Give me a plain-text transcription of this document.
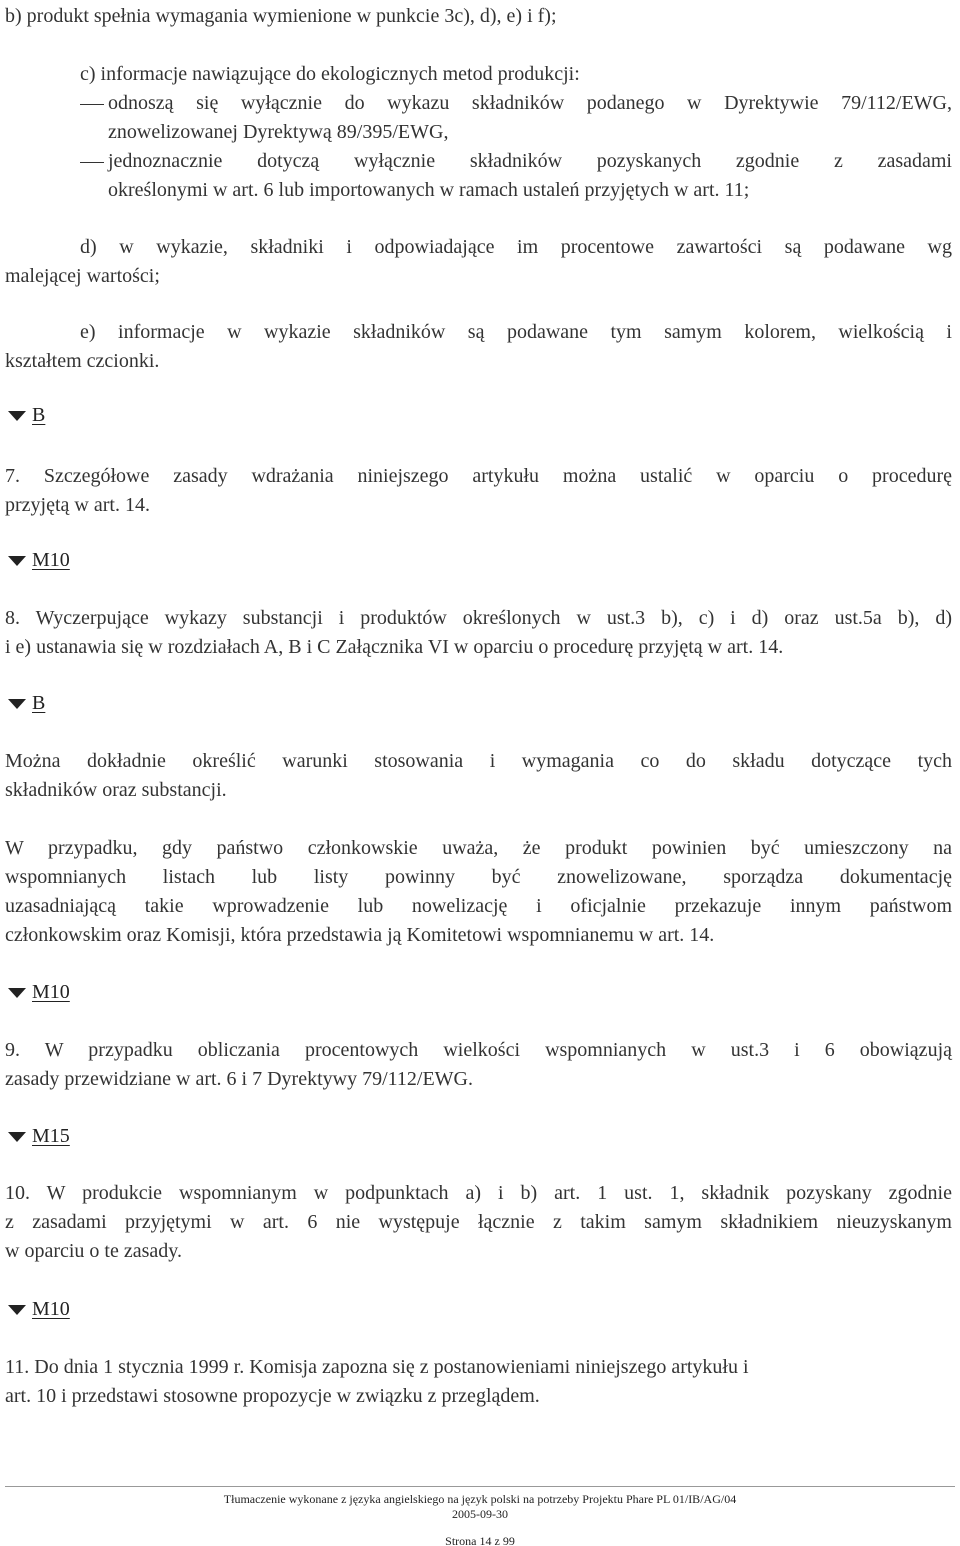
b) produkt spełnia wymagania wymienione w punkcie 3c), d), e) i f);
c) informacje nawiązujące do ekologicznych metod produkcji:
odnoszą się wyłącznie do wykazu składników podanego w Dyrektywie 79/112/EWG,
znowelizowanej Dyrektywą 89/395/EWG,
jednoznacznie dotyczą wyłącznie składników pozyskanych zgodnie z zasadami
określonymi w art. 6 lub importowanych w ramach ustaleń przyjętych w art. 11;
d) w wykazie, składniki i odpowiadające im procentowe zawartości są podawane wg
malejącej wartości;
e) informacje w wykazie składników są podawane tym samym kolorem, wielkością i
kształtem czcionki.
B
7. Szczegółowe zasady wdrażania niniejszego artykułu można ustalić w oparciu o procedurę
przyjętą w art. 14.
M10
8. Wyczerpujące wykazy substancji i produktów określonych w ust.3 b), c) i d) oraz ust.5a b), d)
i e) ustanawia się w rozdziałach A, B i C Załącznika VI w oparciu o procedurę przyjętą w art. 14.
B
Można dokładnie określić warunki stosowania i wymagania co do składu dotyczące tych
składników oraz substancji.
W przypadku, gdy państwo członkowskie uważa, że produkt powinien być umieszczony na
wspomnianych listach lub listy powinny być znowelizowane, sporządza dokumentację
uzasadniającą takie wprowadzenie lub nowelizację i oficjalnie przekazuje innym państwom
członkowskim oraz Komisji, która przedstawia ją Komitetowi wspomnianemu w art. 14.
M10
9. W przypadku obliczania procentowych wielkości wspomnianych w ust.3 i 6 obowiązują
zasady przewidziane w art. 6 i 7 Dyrektywy 79/112/EWG.
M15
10. W produkcie wspomnianym w podpunktach a) i b) art. 1 ust. 1, składnik pozyskany zgodnie
z zasadami przyjętymi w art. 6 nie występuje łącznie z takim samym składnikiem nieuzyskanym
w oparciu o te zasady.
M10
11. Do dnia 1 stycznia 1999 r. Komisja zapozna się z postanowieniami niniejszego artykułu i
art. 10 i przedstawi stosowne propozycje w związku z przeglądem.
Tłumaczenie wykonane z języka angielskiego na język polski na potrzeby Projektu Phare PL 01/IB/AG/04
2005-09-30
Strona 14 z 99
